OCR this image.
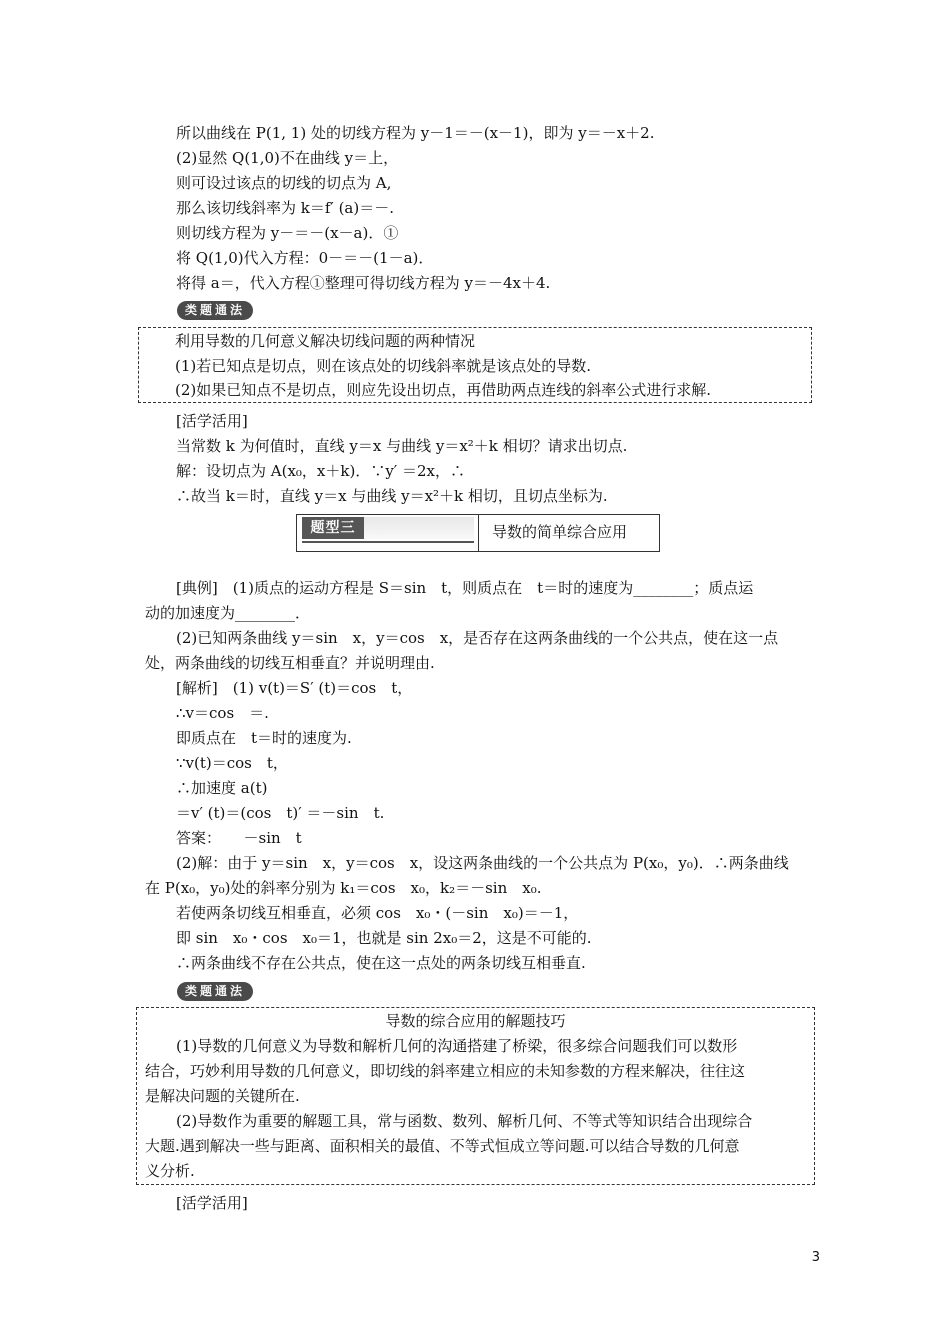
所以曲线在 P(1, 1) 处的切线方程为 y－1＝－(x－1)，即为 y＝－x＋2.
(2)显然 Q(1,0)不在曲线 y＝上，
则可设过该点的切线的切点为 A,
那么该切线斜率为 k＝f′ (a)＝－.
则切线方程为 y－＝－(x－a)．①
将 Q(1,0)代入方程：0－＝－(1－a)．
将得 a＝，代入方程①整理可得切线方程为 y＝－4x＋4.
类题通法
利用导数的几何意义解决切线问题的两种情况
(1)若已知点是切点，则在该点处的切线斜率就是该点处的导数.
(2)如果已知点不是切点，则应先设出切点，再借助两点连线的斜率公式进行求解.
[活学活用]
当常数 k 为何值时，直线 y＝x 与曲线 y＝x²＋k 相切？请求出切点.
解：设切点为 A(x₀，x＋k)．∵y′ ＝2x，∴
∴故当 k＝时，直线 y＝x 与曲线 y＝x²＋k 相切，且切点坐标为.
题型三	导数的简单综合应用
[典例]　(1)质点的运动方程是 S＝sin　t，则质点在　t＝时的速度为________；质点运
动的加速度为________．
(2)已知两条曲线 y＝sin　x，y＝cos　x，是否存在这两条曲线的一个公共点，使在这一点
处，两条曲线的切线互相垂直？并说明理由.
[解析]　(1) v(t)＝S′ (t)＝cos　t，
∴v＝cos　＝.
即质点在　t＝时的速度为.
∵v(t)＝cos　t，
∴加速度 a(t)
＝v′ (t)＝(cos　t)′ ＝－sin　t.
答案：　　－sin　t
(2)解：由于 y＝sin　x，y＝cos　x，设这两条曲线的一个公共点为 P(x₀，y₀)．∴两条曲线
在 P(x₀，y₀)处的斜率分别为 k₁＝cos　x₀，k₂＝－sin　x₀.
若使两条切线互相垂直，必须 cos　x₀・(－sin　x₀)＝－1，
即 sin　x₀・cos　x₀＝1，也就是 sin 2x₀＝2，这是不可能的.
∴两条曲线不存在公共点，使在这一点处的两条切线互相垂直.
类题通法
导数的综合应用的解题技巧
(1)导数的几何意义为导数和解析几何的沟通搭建了桥梁，很多综合问题我们可以数形
结合，巧妙利用导数的几何意义，即切线的斜率建立相应的未知参数的方程来解决，往往这
是解决问题的关键所在.
(2)导数作为重要的解题工具，常与函数、数列、解析几何、不等式等知识结合出现综合
大题.遇到解决一些与距离、面积相关的最值、不等式恒成立等问题.可以结合导数的几何意
义分析.
[活学活用]
3
